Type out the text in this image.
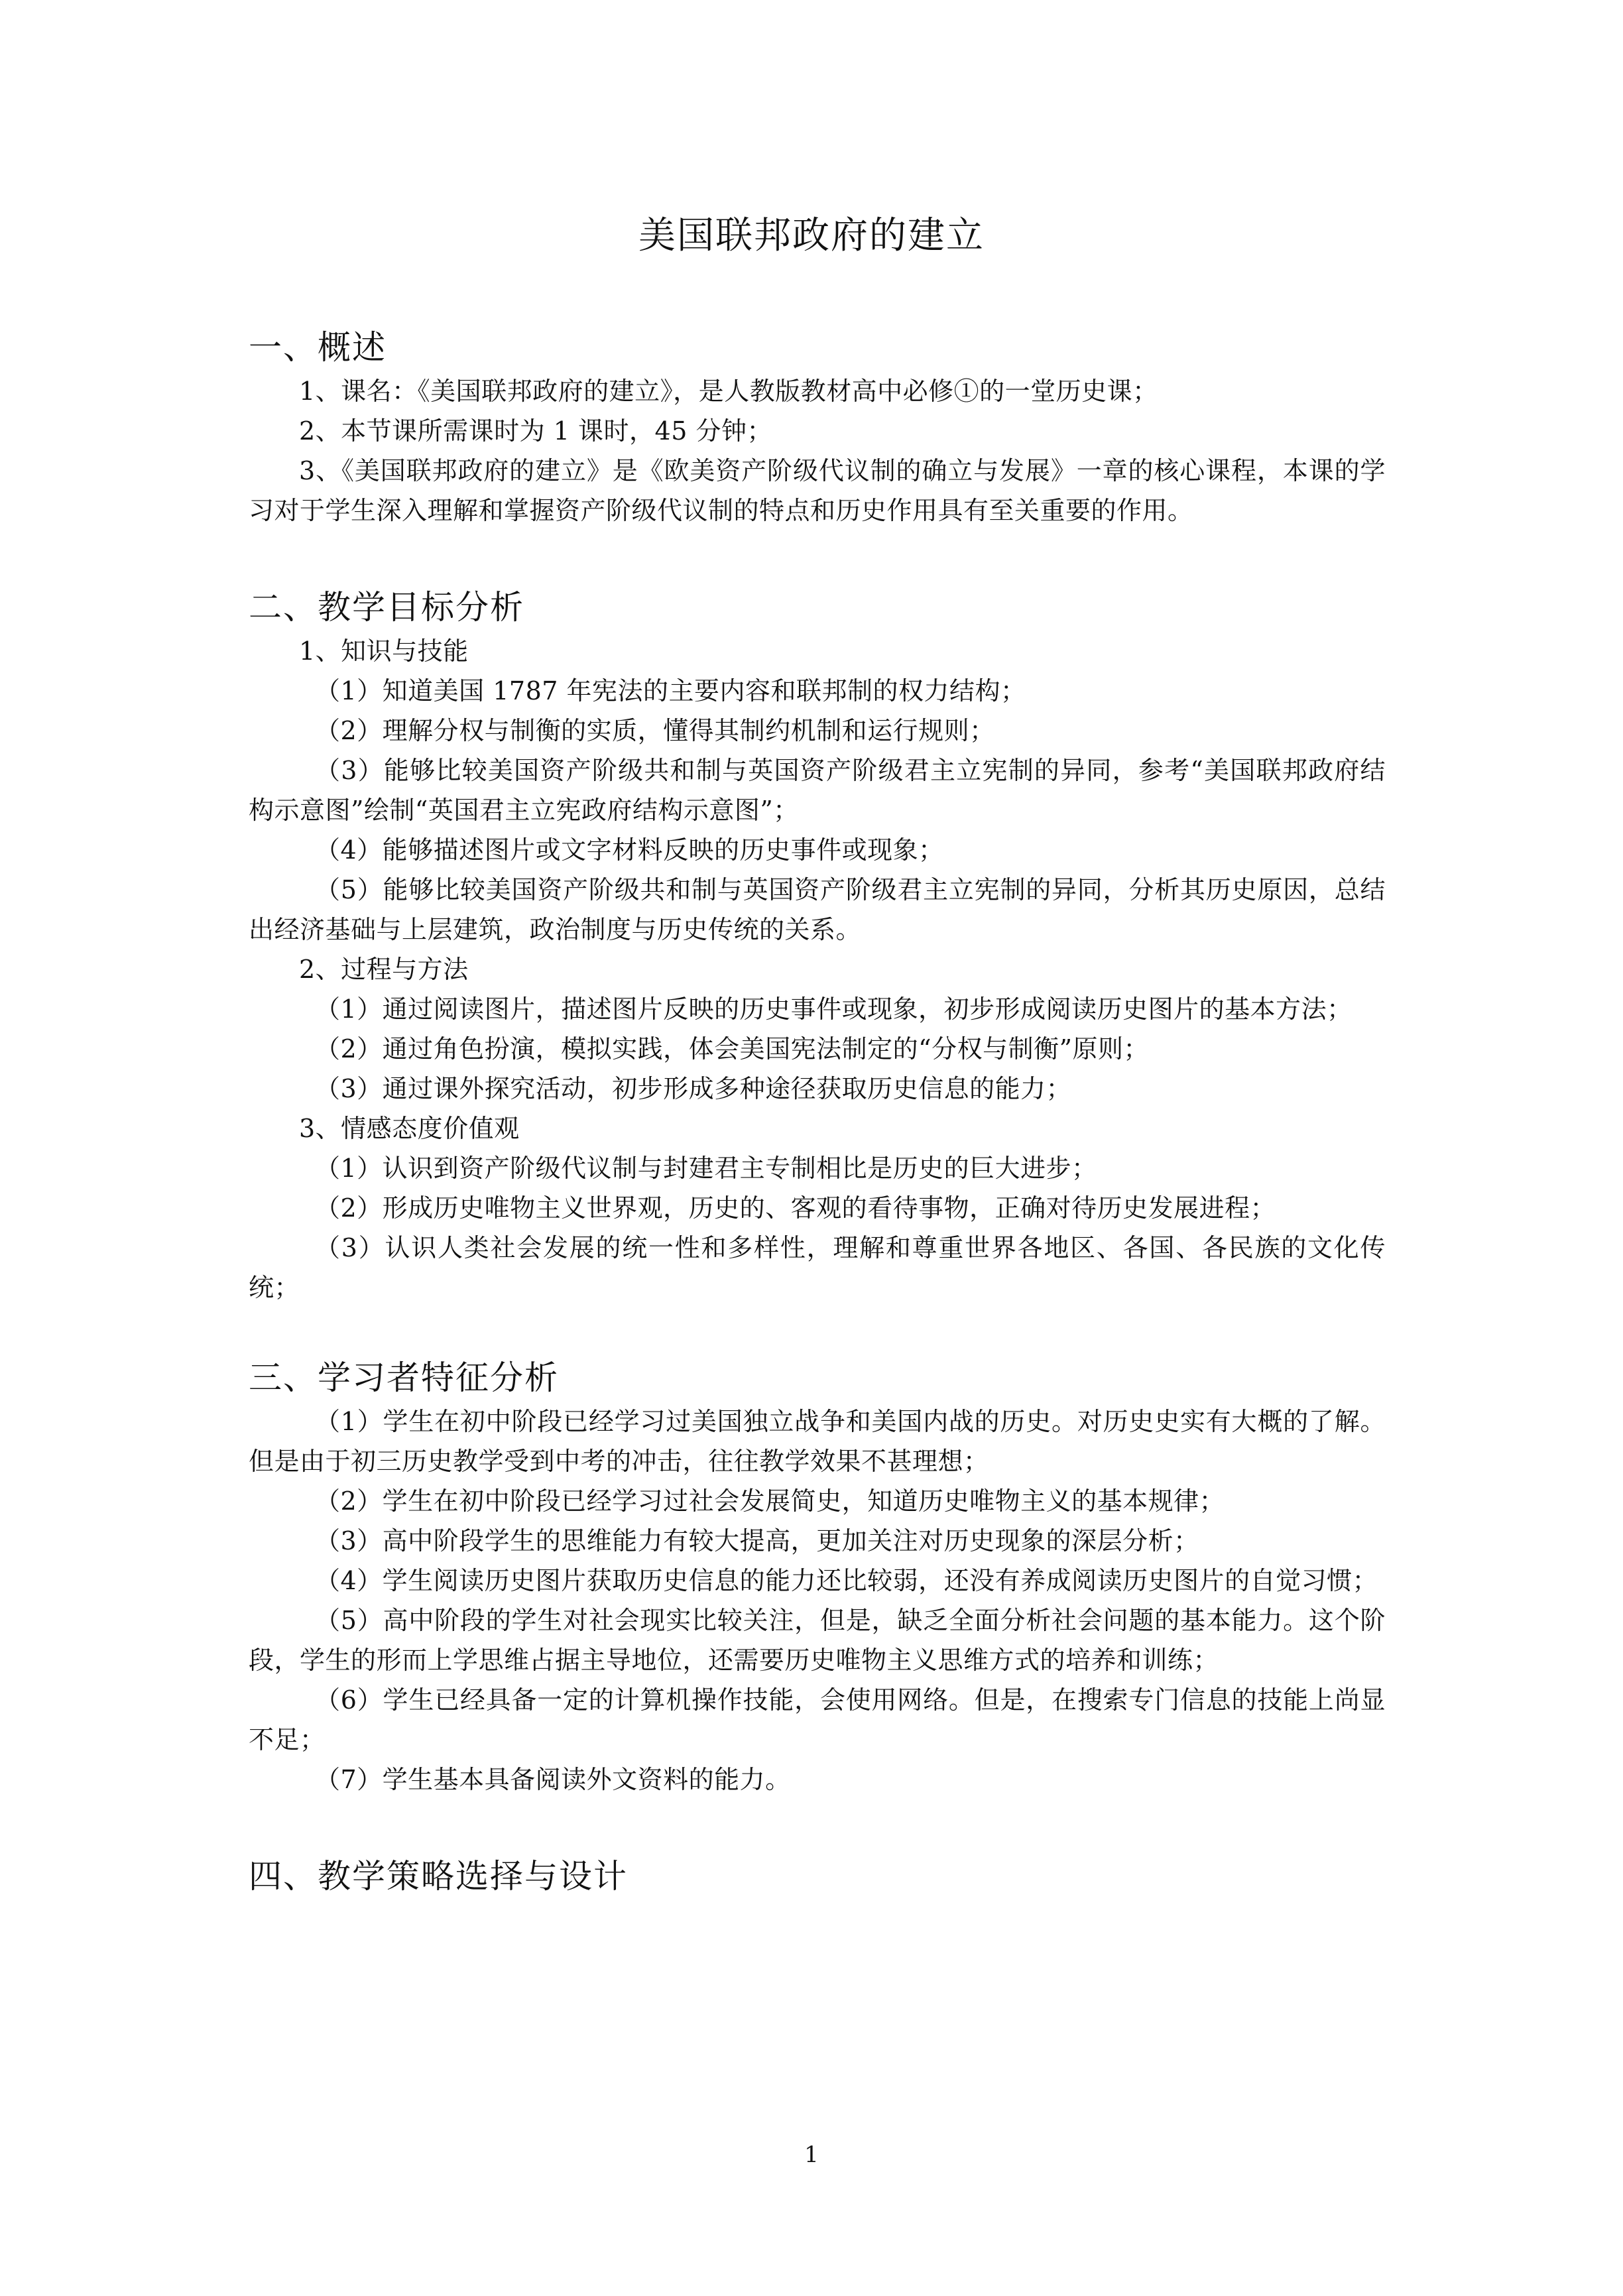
美国联邦政府的建立
一、概述

1、课名：《美国联邦政府的建立》，是人教版教材高中必修①的一堂历史课；

2、本节课所需课时为 1 课时，45 分钟；

3、《美国联邦政府的建立》是《欧美资产阶级代议制的确立与发展》一章的核心课程，本课的学习对于学生深入理解和掌握资产阶级代议制的特点和历史作用具有至关重要的作用。

二、教学目标分析

1、知识与技能

（1）知道美国 1787 年宪法的主要内容和联邦制的权力结构；

（2）理解分权与制衡的实质，懂得其制约机制和运行规则；

（3）能够比较美国资产阶级共和制与英国资产阶级君主立宪制的异同，参考“美国联邦政府结构示意图”绘制“英国君主立宪政府结构示意图”；

（4）能够描述图片或文字材料反映的历史事件或现象；

（5）能够比较美国资产阶级共和制与英国资产阶级君主立宪制的异同，分析其历史原因，总结出经济基础与上层建筑，政治制度与历史传统的关系。

2、过程与方法

（1）通过阅读图片，描述图片反映的历史事件或现象，初步形成阅读历史图片的基本方法；

（2）通过角色扮演，模拟实践，体会美国宪法制定的“分权与制衡”原则；

（3）通过课外探究活动，初步形成多种途径获取历史信息的能力；

3、情感态度价值观

（1）认识到资产阶级代议制与封建君主专制相比是历史的巨大进步；

（2）形成历史唯物主义世界观，历史的、客观的看待事物，正确对待历史发展进程；

（3）认识人类社会发展的统一性和多样性，理解和尊重世界各地区、各国、各民族的文化传统；

三、学习者特征分析

（1）学生在初中阶段已经学习过美国独立战争和美国内战的历史。对历史史实有大概的了解。但是由于初三历史教学受到中考的冲击，往往教学效果不甚理想；

（2）学生在初中阶段已经学习过社会发展简史，知道历史唯物主义的基本规律；

（3）高中阶段学生的思维能力有较大提高，更加关注对历史现象的深层分析；

（4）学生阅读历史图片获取历史信息的能力还比较弱，还没有养成阅读历史图片的自觉习惯；

（5）高中阶段的学生对社会现实比较关注，但是，缺乏全面分析社会问题的基本能力。这个阶段，学生的形而上学思维占据主导地位，还需要历史唯物主义思维方式的培养和训练；

（6）学生已经具备一定的计算机操作技能，会使用网络。但是，在搜索专门信息的技能上尚显不足；

（7）学生基本具备阅读外文资料的能力。

四、教学策略选择与设计
1
